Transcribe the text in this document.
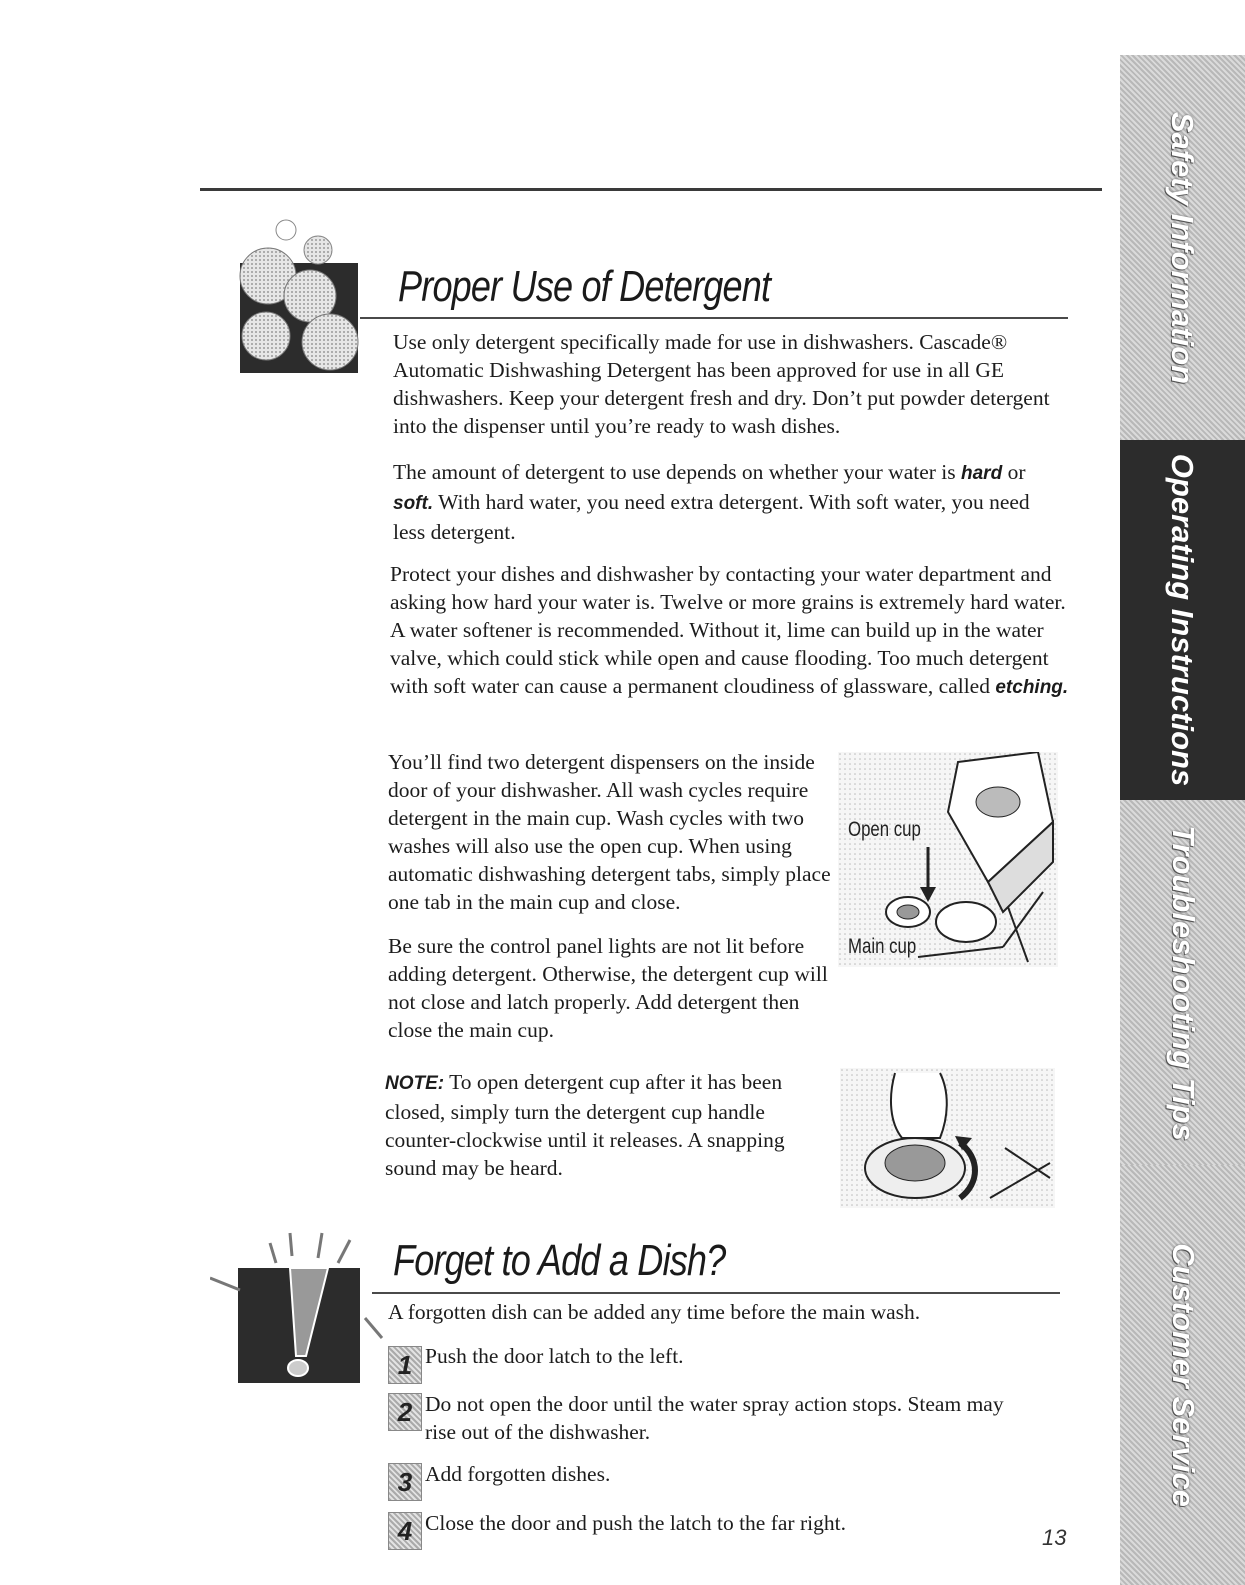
Safety Information
Operating Instructions
Troubleshooting Tips
Customer Service
Proper Use of Detergent

Use only detergent specifically made for use in dishwashers. Cascade® Automatic Dishwashing Detergent has been approved for use in all GE dishwashers. Keep your detergent fresh and dry. Don’t put powder detergent into the dispenser until you’re ready to wash dishes.

The amount of detergent to use depends on whether your water is hard or soft. With hard water, you need extra detergent. With soft water, you need less detergent.

Protect your dishes and dishwasher by contacting your water department and asking how hard your water is. Twelve or more grains is extremely hard water. A water softener is recommended. Without it, lime can build up in the water valve, which could stick while open and cause flooding. Too much detergent with soft water can cause a permanent cloudiness of glassware, called etching.

You’ll find two detergent dispensers on the inside door of your dishwasher. All wash cycles require detergent in the main cup. Wash cycles with two washes will also use the open cup. When using automatic dishwashing detergent tabs, simply place one tab in the main cup and close.

Be sure the control panel lights are not lit before adding detergent. Otherwise, the detergent cup will not close and latch properly. Add detergent then close the main cup.

NOTE: To open detergent cup after it has been closed, simply turn the detergent cup handle counter-clockwise until it releases. A snapping sound may be heard.

Open cup
Main cup
Forget to Add a Dish?

A forgotten dish can be added any time before the main wash.

1 Push the door latch to the left.

2 Do not open the door until the water spray action stops. Steam may rise out of the dishwasher.

3 Add forgotten dishes.

4 Close the door and push the latch to the far right.

13
